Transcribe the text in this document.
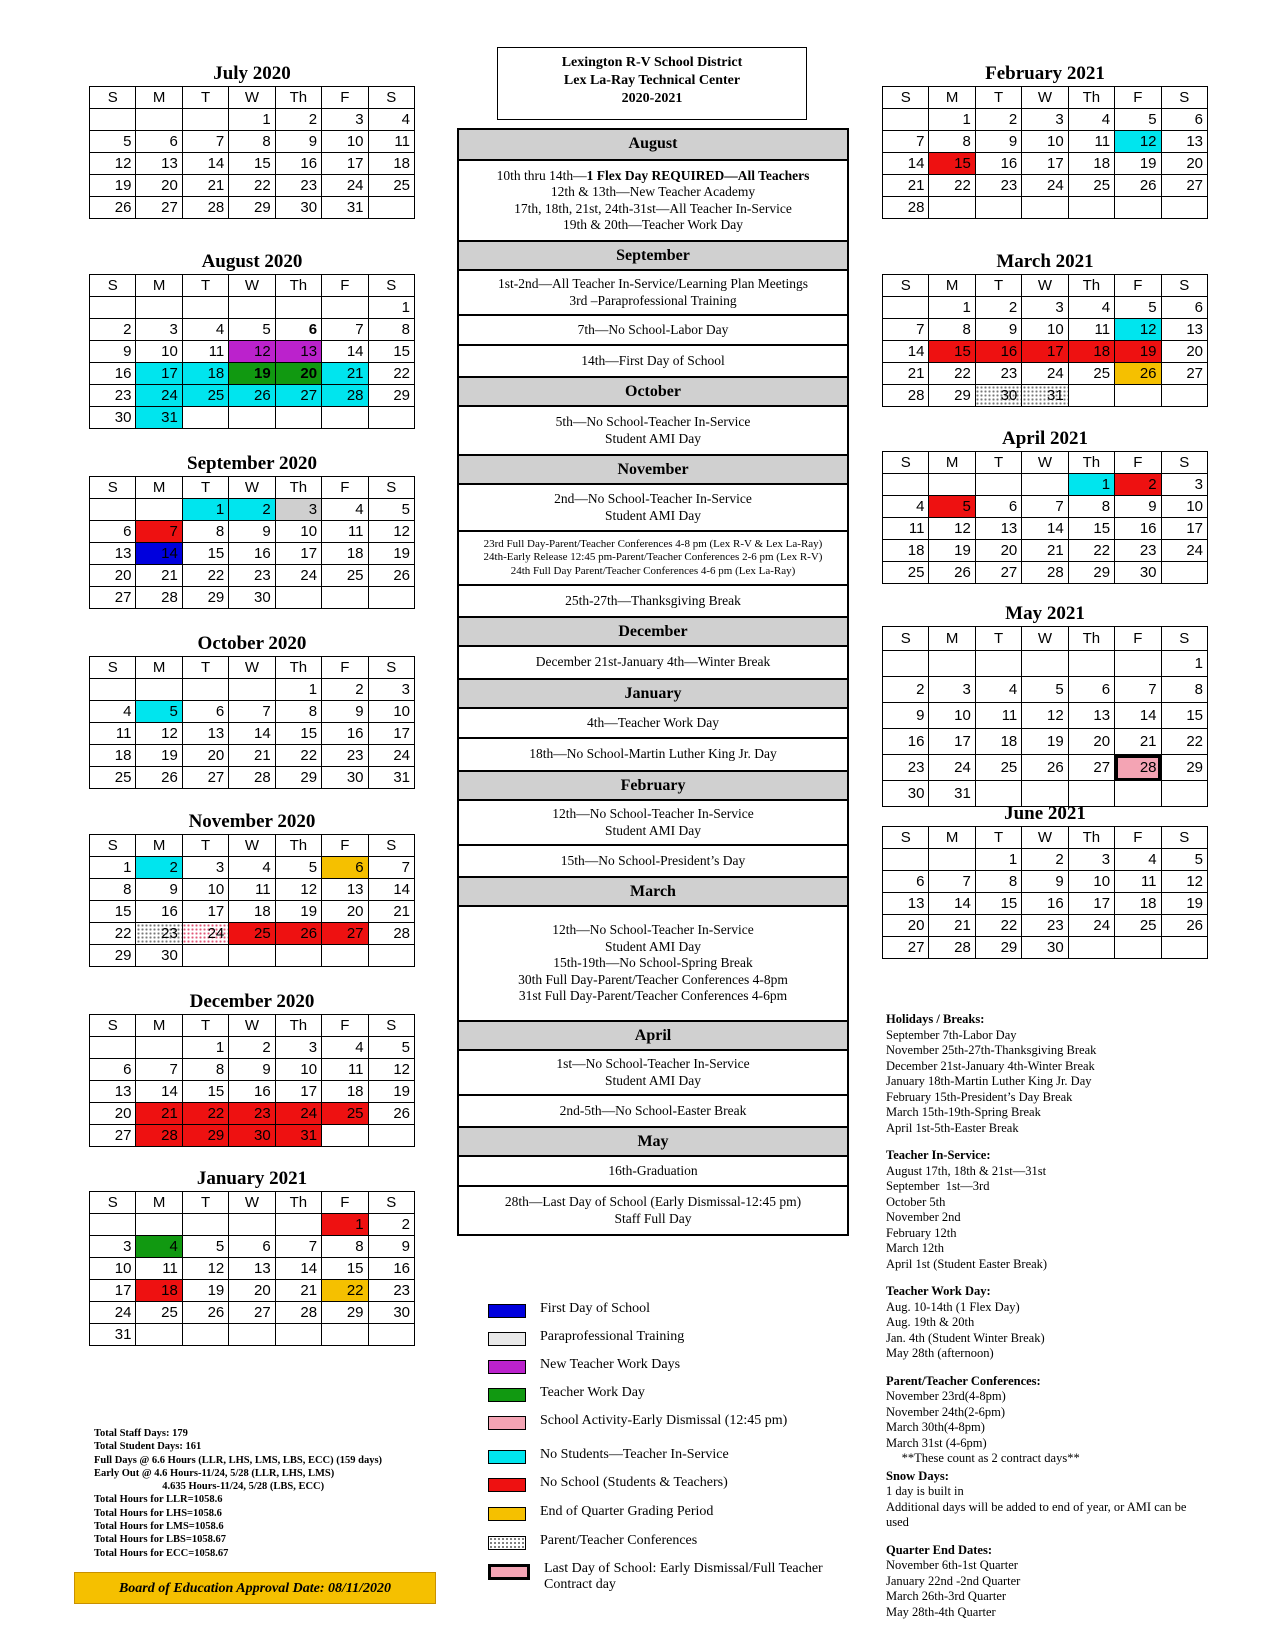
Lexington R-V School District
Lex La-Ray Technical Center
2020-2021
July 2020
S	M	T	W	Th	F	S
			1	2	3	4
5	6	7	8	9	10	11
12	13	14	15	16	17	18
19	20	21	22	23	24	25
26	27	28	29	30	31	
August 2020
S	M	T	W	Th	F	S
						1
2	3	4	5	6	7	8
9	10	11	12	13	14	15
16	17	18	19	20	21	22
23	24	25	26	27	28	29
30	31					
September 2020
S	M	T	W	Th	F	S
		1	2	3	4	5
6	7	8	9	10	11	12
13	14	15	16	17	18	19
20	21	22	23	24	25	26
27	28	29	30			
October 2020
S	M	T	W	Th	F	S
				1	2	3
4	5	6	7	8	9	10
11	12	13	14	15	16	17
18	19	20	21	22	23	24
25	26	27	28	29	30	31
November 2020
S	M	T	W	Th	F	S
1	2	3	4	5	6	7
8	9	10	11	12	13	14
15	16	17	18	19	20	21
22	23	24	25	26	27	28
29	30					
December 2020
S	M	T	W	Th	F	S
		1	2	3	4	5
6	7	8	9	10	11	12
13	14	15	16	17	18	19
20	21	22	23	24	25	26
27	28	29	30	31		
January 2021
S	M	T	W	Th	F	S
					1	2
3	4	5	6	7	8	9
10	11	12	13	14	15	16
17	18	19	20	21	22	23
24	25	26	27	28	29	30
31						
February 2021
S	M	T	W	Th	F	S
	1	2	3	4	5	6
7	8	9	10	11	12	13
14	15	16	17	18	19	20
21	22	23	24	25	26	27
28						
March 2021
S	M	T	W	Th	F	S
	1	2	3	4	5	6
7	8	9	10	11	12	13
14	15	16	17	18	19	20
21	22	23	24	25	26	27
28	29	30	31			
April 2021
S	M	T	W	Th	F	S
				1	2	3
4	5	6	7	8	9	10
11	12	13	14	15	16	17
18	19	20	21	22	23	24
25	26	27	28	29	30	
May 2021
S	M	T	W	Th	F	S
						1
2	3	4	5	6	7	8
9	10	11	12	13	14	15
16	17	18	19	20	21	22
23	24	25	26	27	28	29
30	31					
June 2021
S	M	T	W	Th	F	S
		1	2	3	4	5
6	7	8	9	10	11	12
13	14	15	16	17	18	19
20	21	22	23	24	25	26
27	28	29	30			
August
10th thru 14th—1 Flex Day REQUIRED—All Teachers
12th & 13th—New Teacher Academy
17th, 18th, 21st, 24th-31st—All Teacher In-Service
19th & 20th—Teacher Work Day
September
1st-2nd—All Teacher In-Service/Learning Plan Meetings
3rd –Paraprofessional Training
7th—No School-Labor Day
14th—First Day of School
October
5th—No School-Teacher In-Service
Student AMI Day
November
2nd—No School-Teacher In-Service
Student AMI Day
23rd Full Day-Parent/Teacher Conferences 4-8 pm (Lex R-V & Lex La-Ray)
24th-Early Release 12:45 pm-Parent/Teacher Conferences 2-6 pm (Lex R-V)
24th Full Day Parent/Teacher Conferences 4-6 pm (Lex La-Ray)
25th-27th—Thanksgiving Break
December
December 21st-January 4th—Winter Break
January
4th—Teacher Work Day
18th—No School-Martin Luther King Jr. Day
February
12th—No School-Teacher In-Service
Student AMI Day
15th—No School-President’s Day
March
12th—No School-Teacher In-Service
Student AMI Day
15th-19th—No School-Spring Break
30th Full Day-Parent/Teacher Conferences 4-8pm
31st Full Day-Parent/Teacher Conferences 4-6pm
April
1st—No School-Teacher In-Service
Student AMI Day
2nd-5th—No School-Easter Break
May
16th-Graduation
28th—Last Day of School (Early Dismissal-12:45 pm)
Staff Full Day
First Day of School
Paraprofessional Training
New Teacher Work Days
Teacher Work Day
School Activity-Early Dismissal (12:45 pm)
No Students—Teacher In-Service
No School (Students & Teachers)
End of Quarter Grading Period
Parent/Teacher Conferences
Last Day of School: Early Dismissal/Full Teacher Contract day
Holidays / Breaks:
September 7th-Labor Day
November 25th-27th-Thanksgiving Break
December 21st-January 4th-Winter Break
January 18th-Martin Luther King Jr. Day
February 15th-President’s Day Break
March 15th-19th-Spring Break
April 1st-5th-Easter Break
Teacher In-Service:
August 17th, 18th & 21st—31st
September  1st—3rd
October 5th
November 2nd
February 12th
March 12th
April 1st (Student Easter Break)
Teacher Work Day:
Aug. 10-14th (1 Flex Day)
Aug. 19th & 20th
Jan. 4th (Student Winter Break)
May 28th (afternoon)
Parent/Teacher Conferences:
November 23rd(4-8pm)
November 24th(2-6pm)
March 30th(4-8pm)
March 31st (4-6pm)
**These count as 2 contract days**
Snow Days:
1 day is built in
Additional days will be added to end of year, or AMI can be used
Quarter End Dates:
November 6th-1st Quarter
January 22nd -2nd Quarter
March 26th-3rd Quarter
May 28th-4th Quarter
Total Staff Days: 179
Total Student Days: 161
Full Days @ 6.6 Hours (LLR, LHS, LMS, LBS, ECC) (159 days)
Early Out @ 4.6 Hours-11/24, 5/28 (LLR, LHS, LMS)
4.635 Hours-11/24, 5/28 (LBS, ECC)
Total Hours for LLR=1058.6
Total Hours for LHS=1058.6
Total Hours for LMS=1058.6
Total Hours for LBS=1058.67
Total Hours for ECC=1058.67
Board of Education Approval Date: 08/11/2020
